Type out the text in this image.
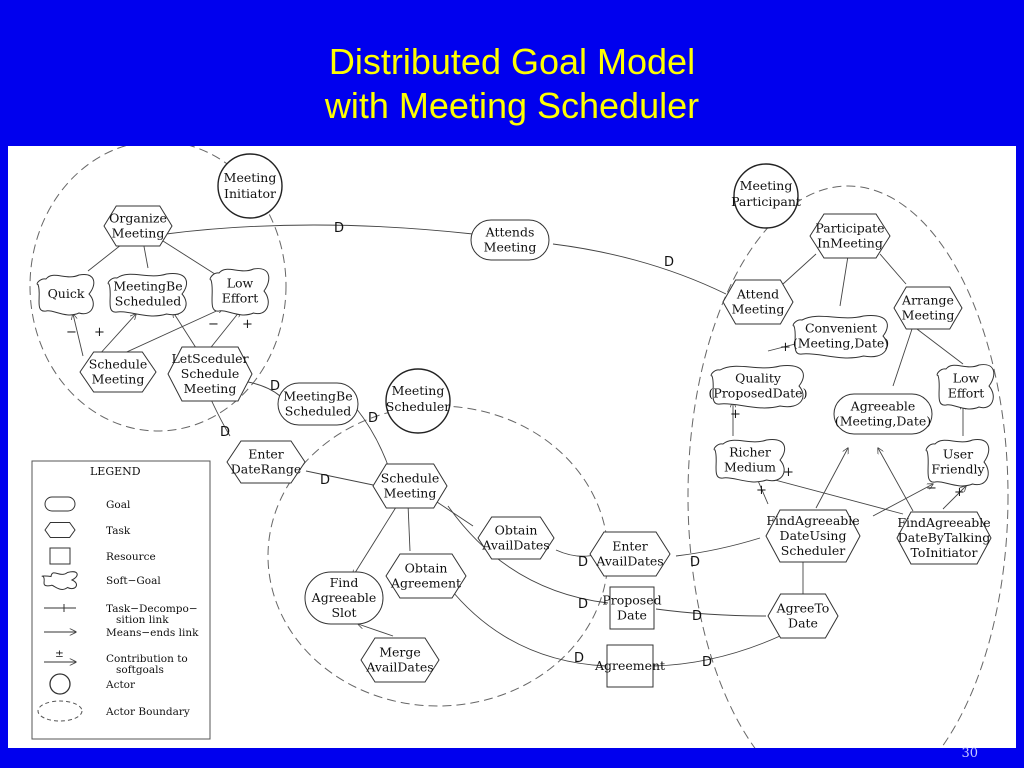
Distributed Goal Model
with Meeting Scheduler
Meeting Initiator
Meeting Participant
Meeting Scheduler
Organize Meeting
Quick MeetingBe Scheduled
Low Effort
Schedule Meeting
LetSceduler Schedule Meeting
Attends Meeting
MeetingBe Scheduled
Enter DateRange
Schedule Meeting
Obtain AvailDates
Obtain Agreement
Find Agreeable Slot
Merge AvailDates
Enter AvailDates
Proposed Date
Agreement
Participate InMeeting
Attend Meeting
Arrange Meeting
Convenient (Meeting,Date)
Quality (ProposedDate)
Low Effort
Agreeable (Meeting,Date)
Richer Medium
User Friendly
FindAgreeable DateUsing Scheduler
FindAgreeable DateByTalking ToInitiator
AgreeTo Date
D
D
D
D
D
D
D	D
D
D
D	D
+
−
− +
+
+
+
+	− +
LEGEND
Goal
Task
Resource
Soft−Goal
Task−Decompo− sition link
Means−ends link
±	Contribution to softgoals
Actor
Actor Boundary
30
